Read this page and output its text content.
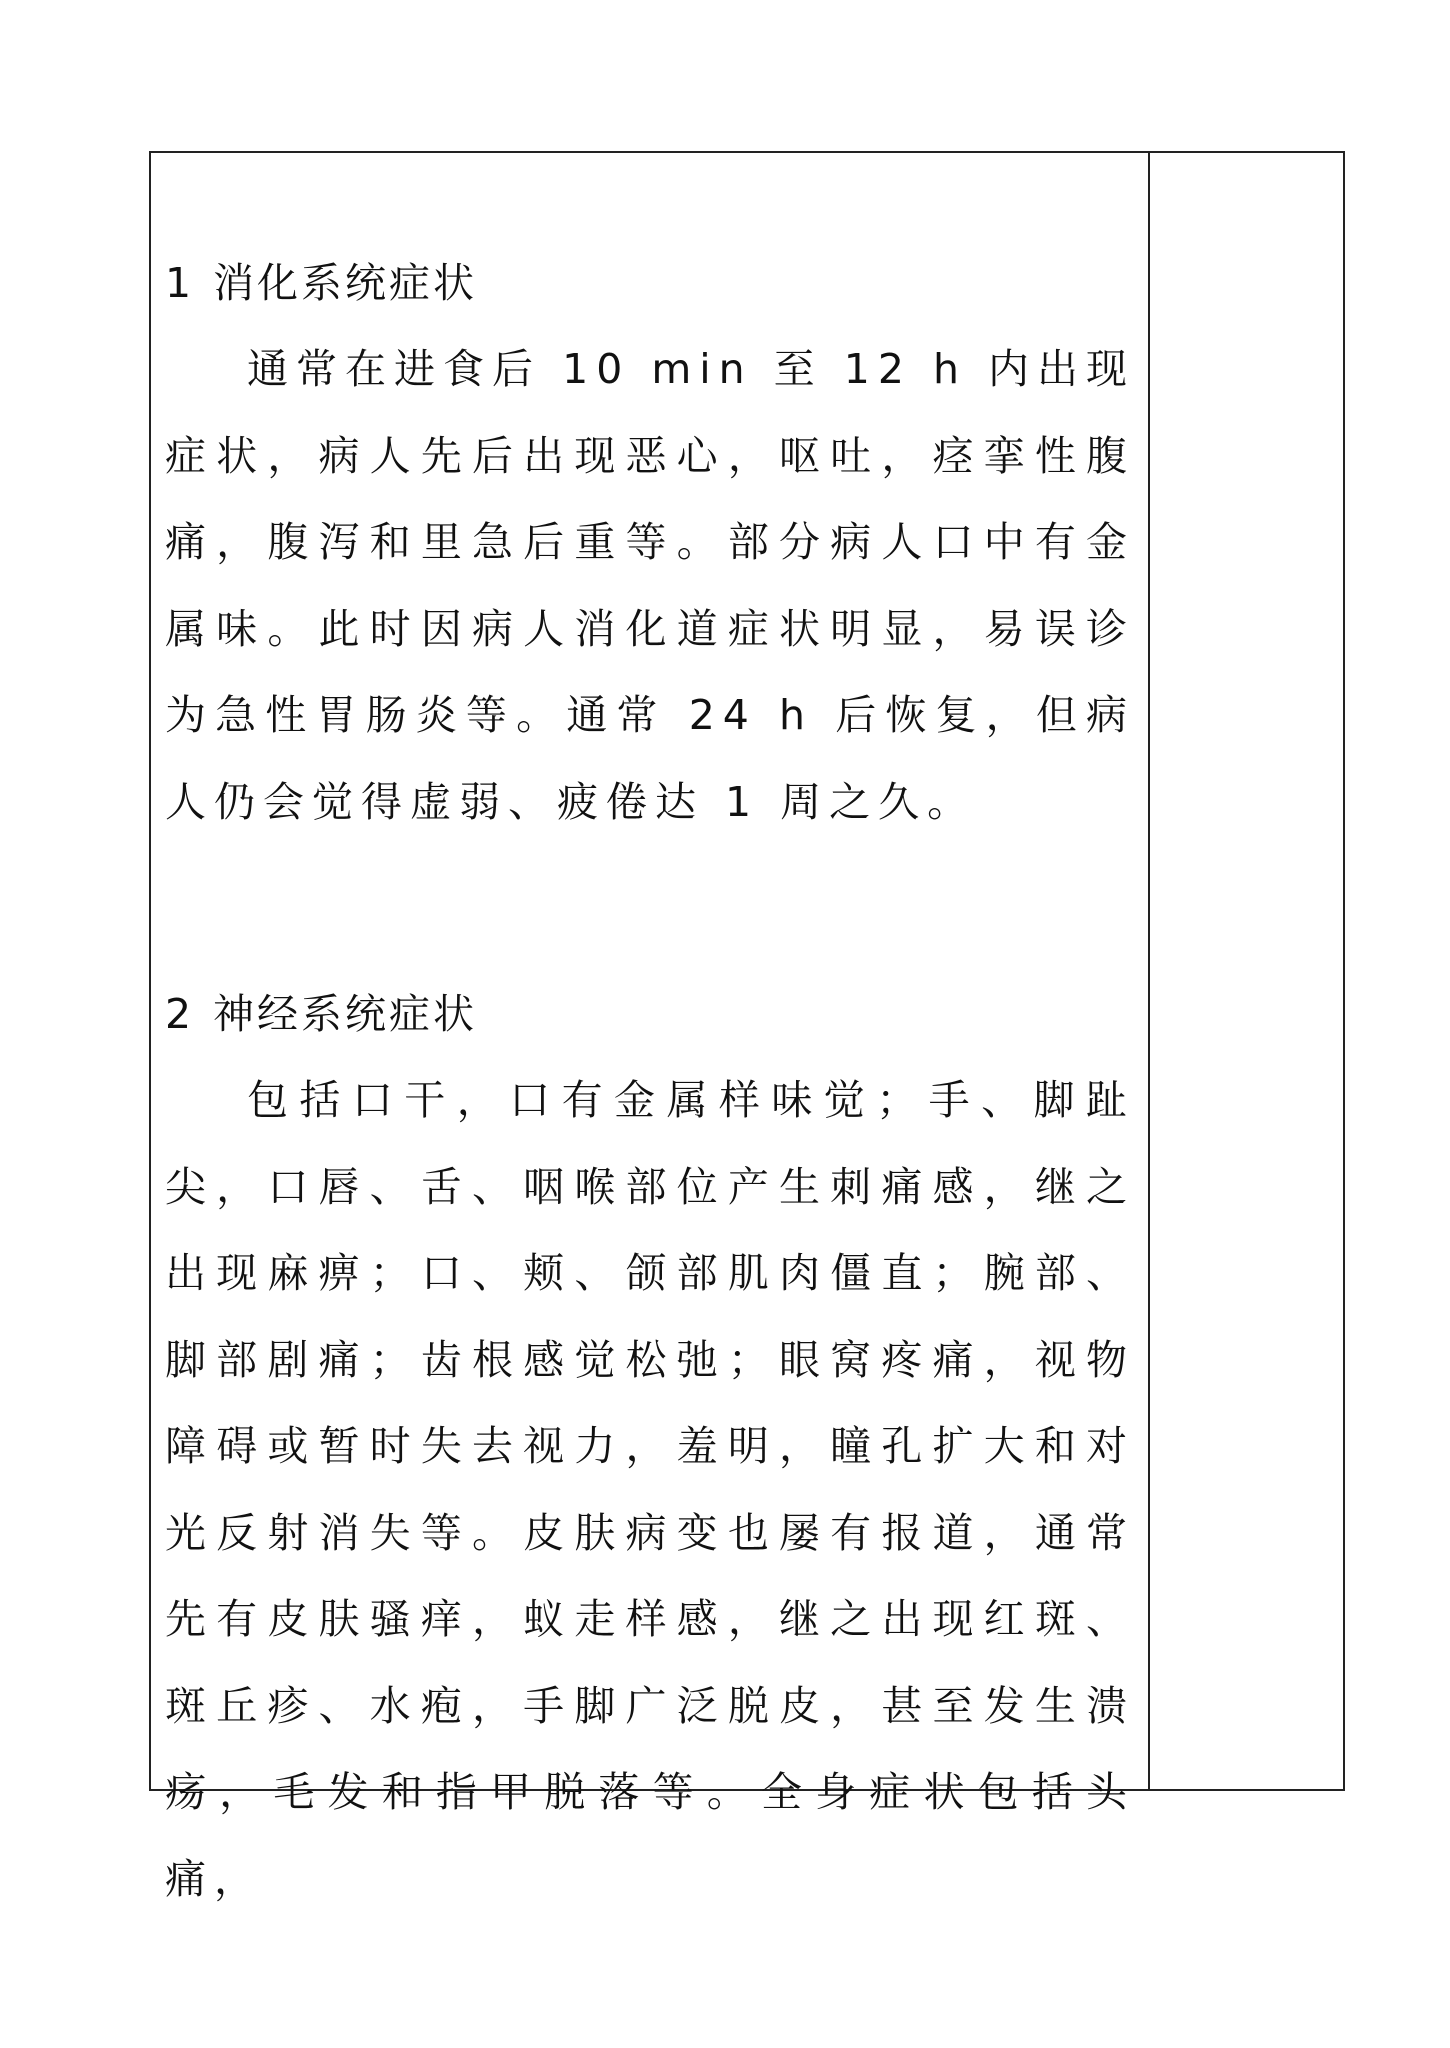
1 消化系统症状

通常在进食后 10 min 至 12 h 内出现症状，病人先后出现恶心，呕吐，痉挛性腹痛，腹泻和里急后重等。部分病人口中有金属味。此时因病人消化道症状明显，易误诊为急性胃肠炎等。通常 24 h 后恢复，但病人仍会觉得虚弱、疲倦达 1 周之久。

2 神经系统症状

包括口干，口有金属样味觉；手、脚趾尖，口唇、舌、咽喉部位产生刺痛感，继之出现麻痹；口、颊、颌部肌肉僵直；腕部、脚部剧痛；齿根感觉松弛；眼窝疼痛，视物障碍或暂时失去视力，羞明，瞳孔扩大和对光反射消失等。皮肤病变也屡有报道，通常先有皮肤骚痒，蚁走样感，继之出现红斑、斑丘疹、水疱，手脚广泛脱皮，甚至发生溃疡，毛发和指甲脱落等。全身症状包括头痛，
